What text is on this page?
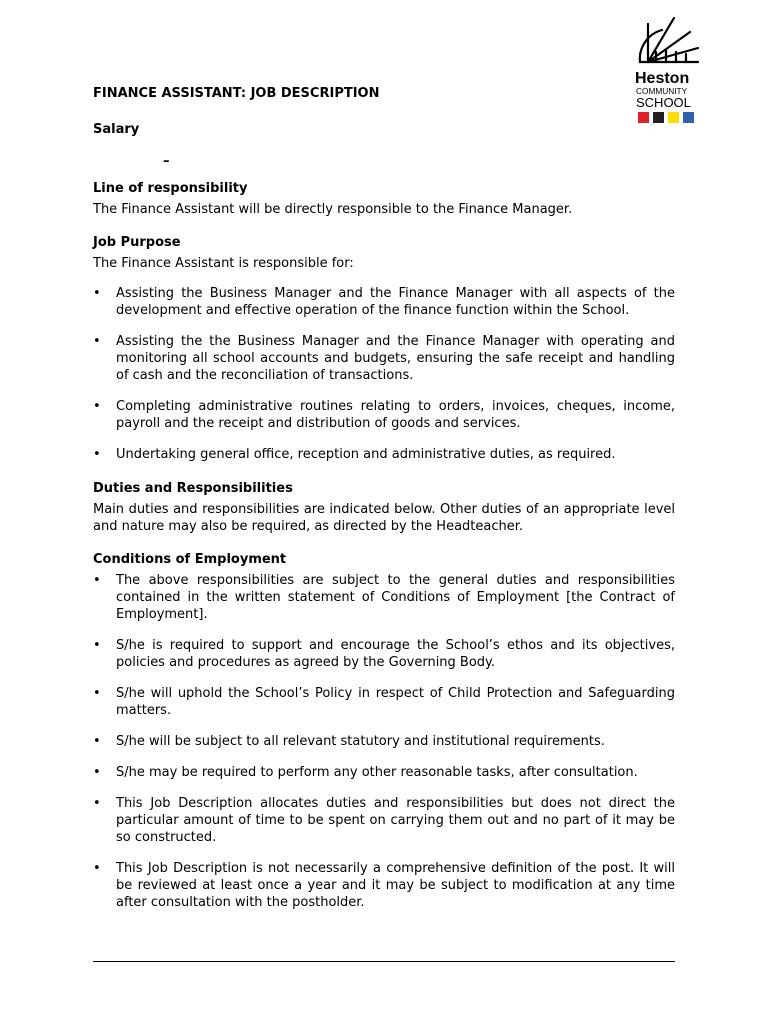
Heston
COMMUNITY
SCHOOL
FINANCE ASSISTANT: JOB DESCRIPTION
Salary
–
Line of responsibility

The Finance Assistant will be directly responsible to the Finance Manager.

Job Purpose

The Finance Assistant is responsible for:

• Assisting the Business Manager and the Finance Manager with all aspects of the development and effective operation of the finance function within the School.
• Assisting the the Business Manager and the Finance Manager with operating and monitoring all school accounts and budgets, ensuring the safe receipt and handling of cash and the reconciliation of transactions.
• Completing administrative routines relating to orders, invoices, cheques, income, payroll and the receipt and distribution of goods and services.
• Undertaking general office, reception and administrative duties, as required.
Duties and Responsibilities

Main duties and responsibilities are indicated below. Other duties of an appropriate level and nature may also be required, as directed by the Headteacher.

Conditions of Employment
• The above responsibilities are subject to the general duties and responsibilities contained in the written statement of Conditions of Employment [the Contract of Employment].
• S/he is required to support and encourage the School’s ethos and its objectives, policies and procedures as agreed by the Governing Body.
• S/he will uphold the School’s Policy in respect of Child Protection and Safeguarding matters.
• S/he will be subject to all relevant statutory and institutional requirements.
• S/he may be required to perform any other reasonable tasks, after consultation.
• This Job Description allocates duties and responsibilities but does not direct the particular amount of time to be spent on carrying them out and no part of it may be so constructed.
• This Job Description is not necessarily a comprehensive definition of the post. It will be reviewed at least once a year and it may be subject to modification at any time after consultation with the postholder.
